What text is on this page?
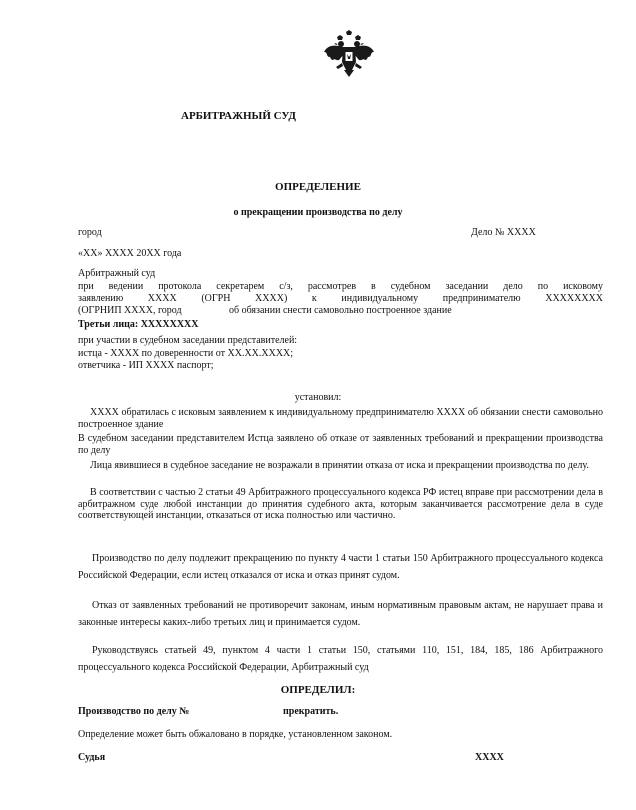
АРБИТРАЖНЫЙ СУД
ОПРЕДЕЛЕНИЕ
о прекращении производства по делу
город	Дело № XXXX
«XX» XXXX 20XX года
Арбитражный суд
при ведении протокола секретарем с/з, рассмотрев в судебном заседании дело по исковому
заявлению XXXX (ОГРН XXXX) к индивидуальному предпринимателю XXXXXXXX
(ОГРНИП XXXX, город	об обязании снести самовольно построенное здание
Третьи лица: XXXXXXXX
при участии в судебном заседании представителей:
истца - XXXX по доверенности от XX.XX.XXXX;
ответчика - ИП XXXX паспорт;
установил:
XXXX обратилась с исковым заявлением к индивидуальному предпринимателю XXXX об обязании снести самовольно построенное здание
В судебном заседании представителем Истца заявлено об отказе от заявленных требований и прекращении производства по делу
Лица явившиеся в судебное заседание не возражали в принятии отказа от иска и прекращении производства по делу.
В соответствии с частью 2 статьи 49 Арбитражного процессуального кодекса РФ истец вправе при рассмотрении дела в арбитражном суде любой инстанции до принятия судебного акта, которым заканчивается рассмотрение дела в суде соответствующей инстанции, отказаться от иска полностью или частично.
Производство по делу подлежит прекращению по пункту 4 части 1 статьи 150 Арбитражного процессуального кодекса Российской Федерации, если истец отказался от иска и отказ принят судом.
Отказ от заявленных требований не противоречит законам, иным нормативным правовым актам, не нарушает права и законные интересы каких-либо третьих лиц и принимается судом.
Руководствуясь статьей 49, пунктом 4 части 1 статьи 150, статьями 110, 151, 184, 185, 186 Арбитражного процессуального кодекса Российской Федерации, Арбитражный суд
ОПРЕДЕЛИЛ:
Производство по делу №	прекратить.
Определение может быть обжаловано в порядке, установленном законом.
Судья	XXXX
